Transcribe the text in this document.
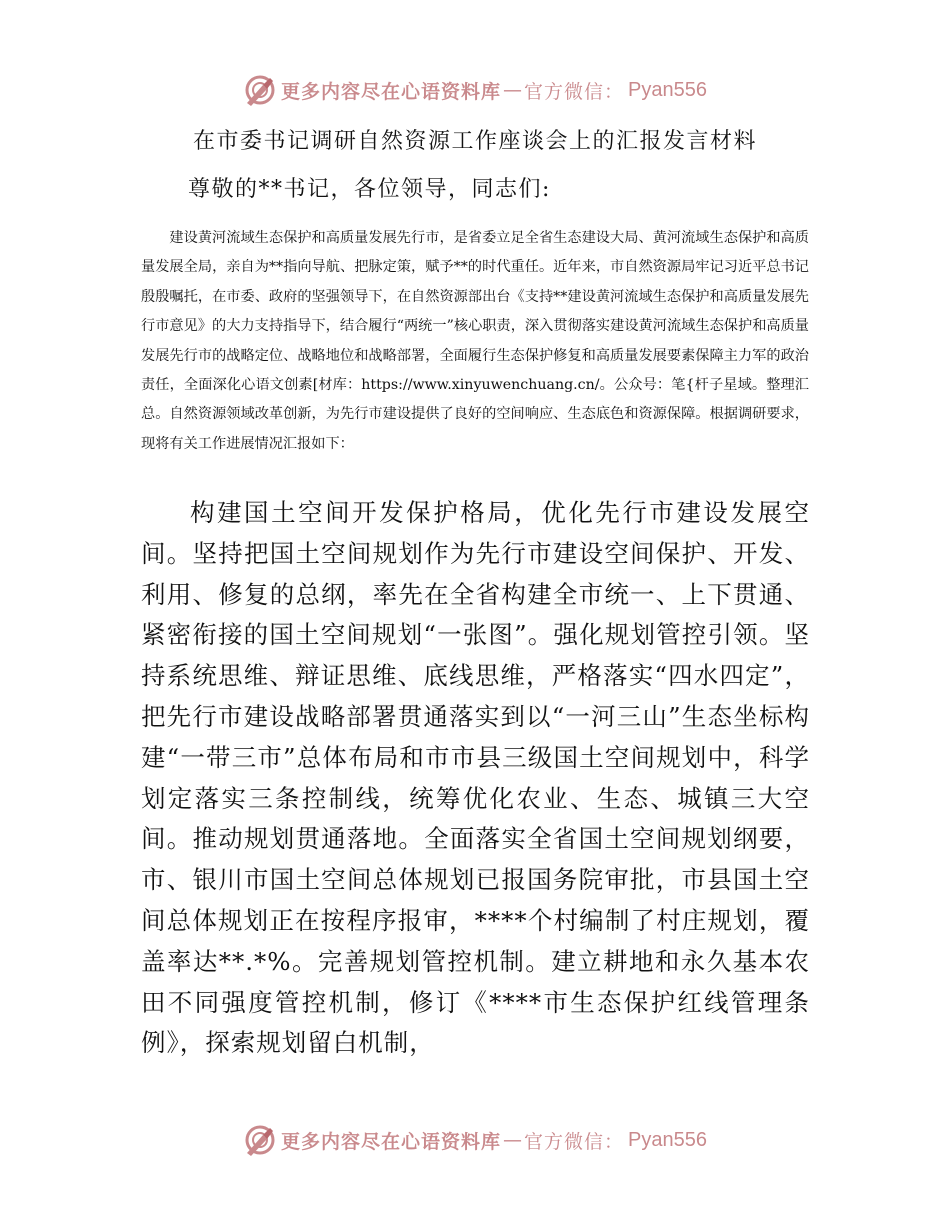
更多内容尽在心语资料库 — 官方微信： Pyan556
在市委书记调研自然资源工作座谈会上的汇报发言材料
尊敬的**书记，各位领导，同志们:

建设黄河流域生态保护和高质量发展先行市，是省委立足全省生态建设大局、黄河流域生态保护和高质量发展全局，亲自为**指向导航、把脉定策，赋予**的时代重任。近年来，市自然资源局牢记习近平总书记殷殷嘱托，在市委、政府的坚强领导下，在自然资源部出台《支持**建设黄河流域生态保护和高质量发展先行市意见》的大力支持指导下，结合履行“两统一”核心职责，深入贯彻落实建设黄河流域生态保护和高质量发展先行市的战略定位、战略地位和战略部署，全面履行生态保护修复和高质量发展要素保障主力军的政治责任，全面深化心语文创素[材库：https://www.xinyuwenchuang.cn/。公众号：笔{杆子星域。整理汇总。自然资源领域改革创新，为先行市建设提供了良好的空间响应、生态底色和资源保障。根据调研要求，现将有关工作进展情况汇报如下：

构建国土空间开发保护格局，优化先行市建设发展空间。坚持把国土空间规划作为先行市建设空间保护、开发、利用、修复的总纲，率先在全省构建全市统一、上下贯通、紧密衔接的国土空间规划“一张图”。强化规划管控引领。坚持系统思维、辩证思维、底线思维，严格落实“四水四定”，把先行市建设战略部署贯通落实到以“一河三山”生态坐标构建“一带三市”总体布局和市市县三级国土空间规划中，科学划定落实三条控制线，统筹优化农业、生态、城镇三大空间。推动规划贯通落地。全面落实全省国土空间规划纲要，市、银川市国土空间总体规划已报国务院审批，市县国土空间总体规划正在按程序报审，****个村编制了村庄规划，覆盖率达**.*%。完善规划管控机制。建立耕地和永久基本农田不同强度管控机制，修订《****市生态保护红线管理条例》，探索规划留白机制，

更多内容尽在心语资料库 — 官方微信： Pyan556
